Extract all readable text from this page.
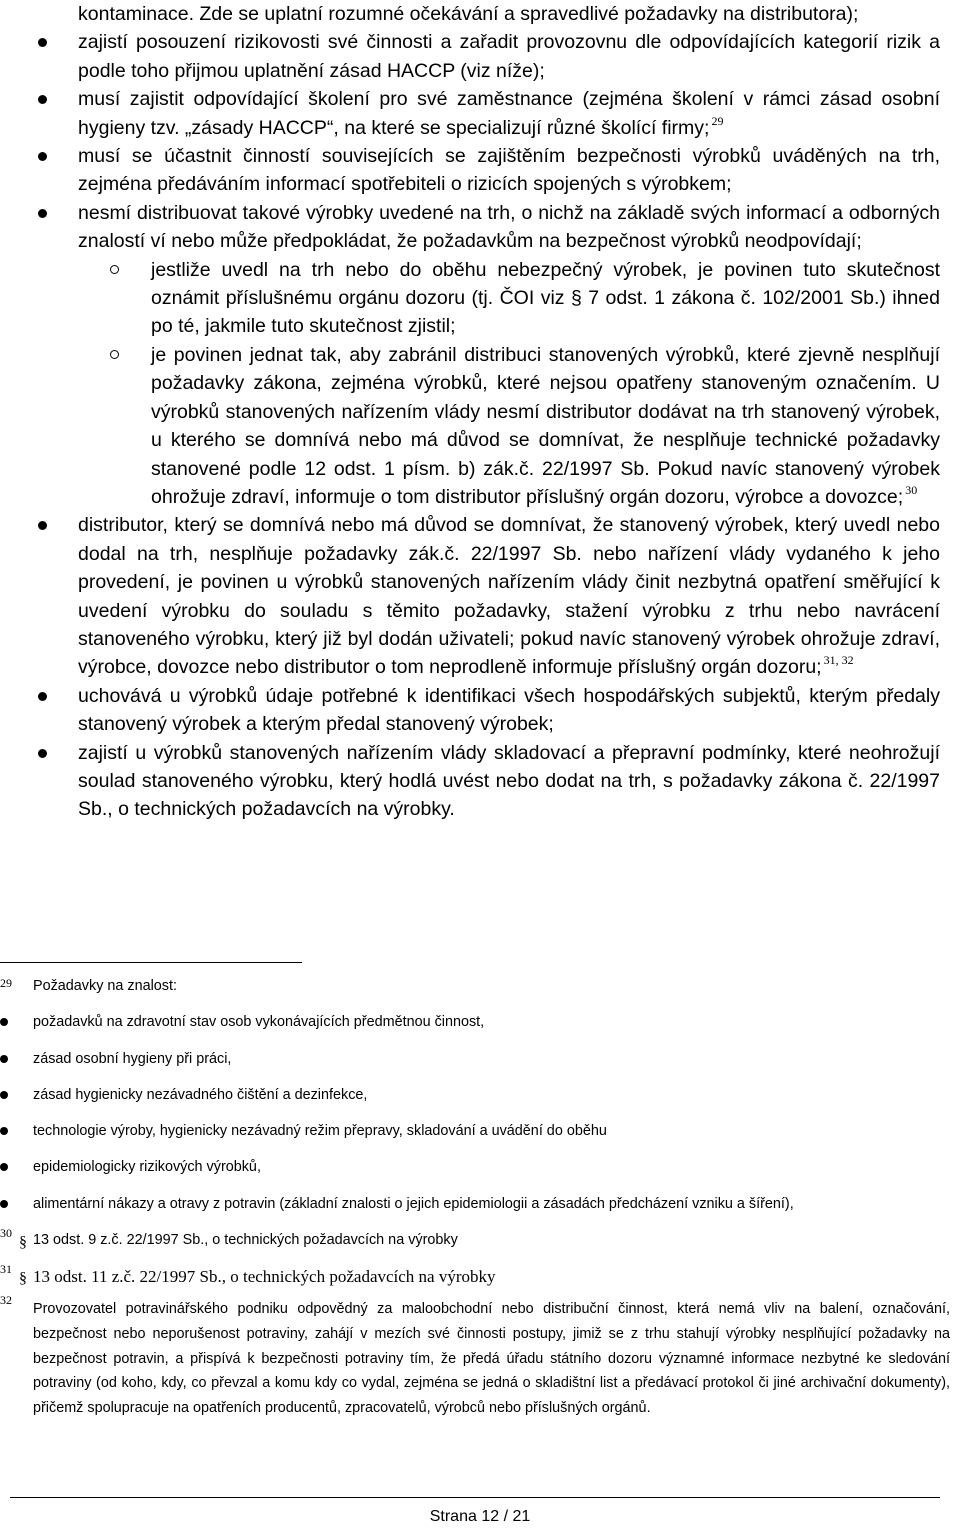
kontaminace. Zde se uplatní rozumné očekávání a spravedlivé požadavky na distributora);

zajistí posouzení rizikovosti své činnosti a zařadit provozovnu dle odpovídajících kategorií rizik a podle toho přijmou uplatnění zásad HACCP (viz níže);
musí zajistit odpovídající školení pro své zaměstnance (zejména školení v rámci zásad osobní hygieny tzv. „zásady HACCP“, na které se specializují různé školící firmy; $^{29}$
musí se účastnit činností souvisejících se zajištěním bezpečnosti výrobků uváděných na trh, zejména předáváním informací spotřebiteli o rizicích spojených s výrobkem;
nesmí distribuovat takové výrobky uvedené na trh, o nichž na základě svých informací a odborných znalostí ví nebo může předpokládat, že požadavkům na bezpečnost výrobků neodpovídají;
jestliže uvedl na trh nebo do oběhu nebezpečný výrobek, je povinen tuto skutečnost oznámit příslušnému orgánu dozoru (tj. ČOI viz § 7 odst. 1 zákona č. 102/2001 Sb.) ihned po té, jakmile tuto skutečnost zjistil;
je povinen jednat tak, aby zabránil distribuci stanovených výrobků, které zjevně nesplňují požadavky zákona, zejména výrobků, které nejsou opatřeny stanoveným označením. U výrobků stanovených nařízením vlády nesmí distributor dodávat na trh stanovený výrobek, u kterého se domnívá nebo má důvod se domnívat, že nesplňuje technické požadavky stanovené podle 12 odst. 1 písm. b) zák.č. 22/1997 Sb. Pokud navíc stanovený výrobek ohrožuje zdraví, informuje o tom distributor příslušný orgán dozoru, výrobce a dovozce; $^{30}$
distributor, který se domnívá nebo má důvod se domnívat, že stanovený výrobek, který uvedl nebo dodal na trh, nesplňuje požadavky zák.č. 22/1997 Sb. nebo nařízení vlády vydaného k jeho provedení, je povinen u výrobků stanovených nařízením vlády činit nezbytná opatření směřující k uvedení výrobku do souladu s těmito požadavky, stažení výrobku z trhu nebo navrácení stanoveného výrobku, který již byl dodán uživateli; pokud navíc stanovený výrobek ohrožuje zdraví, výrobce, dovozce nebo distributor o tom neprodleně informuje příslušný orgán dozoru; $^{31, 32}$
uchovává u výrobků údaje potřebné k identifikaci všech hospodářských subjektů, kterým předaly stanovený výrobek a kterým předal stanovený výrobek;
zajistí u výrobků stanovených nařízením vlády skladovací a přepravní podmínky, které neohrožují soulad stanoveného výrobku, který hodlá uvést nebo dodat na trh, s požadavky zákona č. 22/1997 Sb., o technických požadavcích na výrobky.
29 Požadavky na znalost:
požadavků na zdravotní stav osob vykonávajících předmětnou činnost,
zásad osobní hygieny při práci,
zásad hygienicky nezávadného čištění a dezinfekce,
technologie výroby, hygienicky nezávadný režim přepravy, skladování a uvádění do oběhu
epidemiologicky rizikových výrobků,
alimentární nákazy a otravy z potravin (základní znalosti o jejich epidemiologii a zásadách předcházení vzniku a šíření),
30
§ 13 odst. 9 z.č. 22/1997 Sb., o technických požadavcích na výrobky
31
§ 13 odst. 11 z.č. 22/1997 Sb., o technických požadavcích na výrobky
32
Provozovatel potravinářského podniku odpovědný za maloobchodní nebo distribuční činnost, která nemá vliv na balení, označování, bezpečnost nebo neporušenost potraviny, zahájí v mezích své činnosti postupy, jimiž se z trhu stahují výrobky nesplňující požadavky na bezpečnost potravin, a přispívá k bezpečnosti potraviny tím, že předá úřadu státního dozoru významné informace nezbytné ke sledování potraviny (od koho, kdy, co převzal a komu kdy co vydal, zejména se jedná o skladištní list a předávací protokol či jiné archivační dokumenty), přičemž spolupracuje na opatřeních producentů, zpracovatelů, výrobců nebo příslušných orgánů.
Strana 12 / 21
